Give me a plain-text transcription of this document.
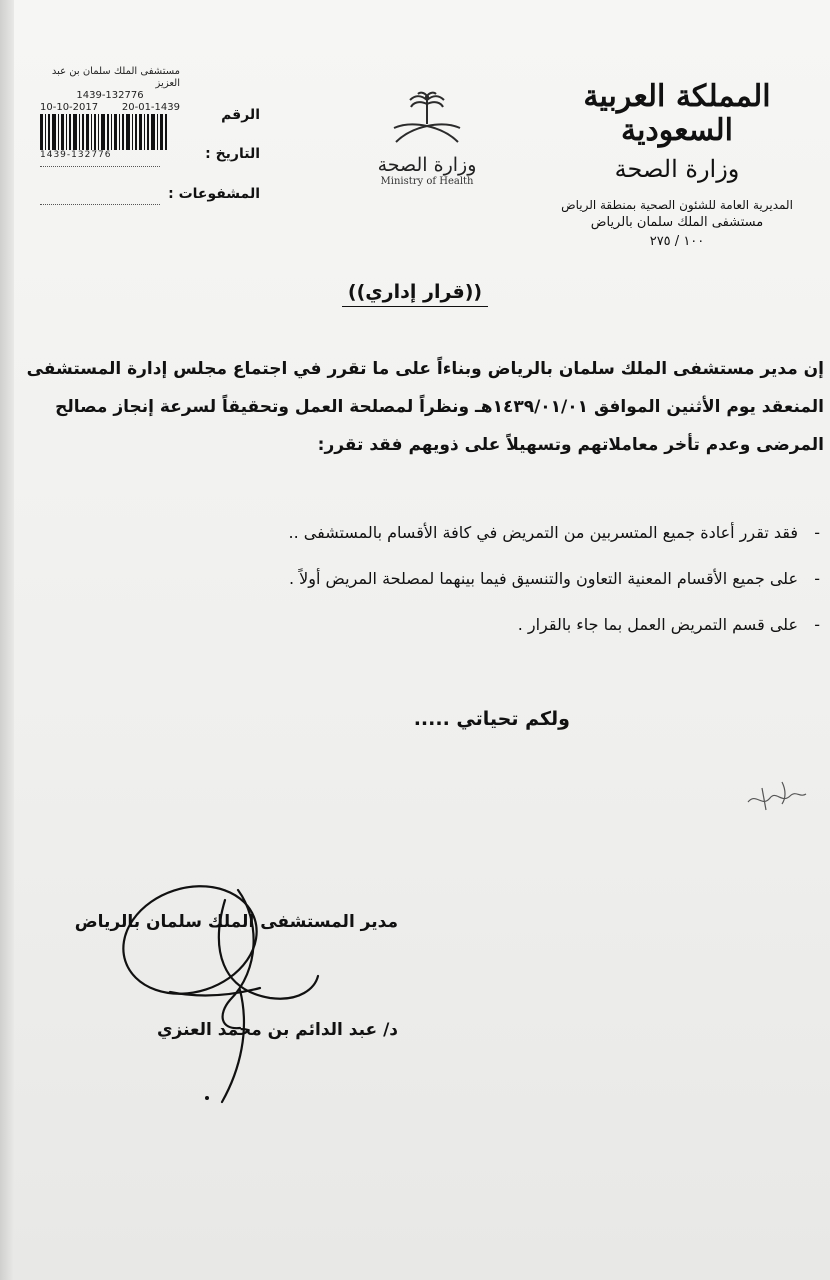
المملكة العربية السعودية
وزارة الصحة
المديرية العامة للشئون الصحية بمنطقة الرياض
مستشفى الملك سلمان بالرياض
١٠٠ / ٢٧٥
وزارة الصحة
Ministry of Health
مستشفى الملك سلمان بن عبد العزيز
1439-132776
10-10-2017 20-01-1439
1439-132776
الرقم
التاريخ :
المشفوعات :
((قرار إداري))
إن مدير مستشفى الملك سلمان بالرياض وبناءاً على ما تقرر في اجتماع مجلس إدارة المستشفى المنعقد يوم الأثنين الموافق ١٤٣٩/٠١/٠١هـ ونظراً لمصلحة العمل وتحقيقاً لسرعة إنجاز مصالح المرضى وعدم تأخر معاملاتهم وتسهيلاً على ذويهم فقد تقرر:
- فقد تقرر أعادة جميع المتسربين من التمريض في كافة الأقسام بالمستشفى ..
- على جميع الأقسام المعنية التعاون والتنسيق فيما بينهما لمصلحة المريض أولاً .
- على قسم التمريض العمل بما جاء بالقرار .
ولكم تحياتي .....
مدير المستشفى الملك سلمان بالرياض
د/ عبد الدائم بن محمد العنزي
